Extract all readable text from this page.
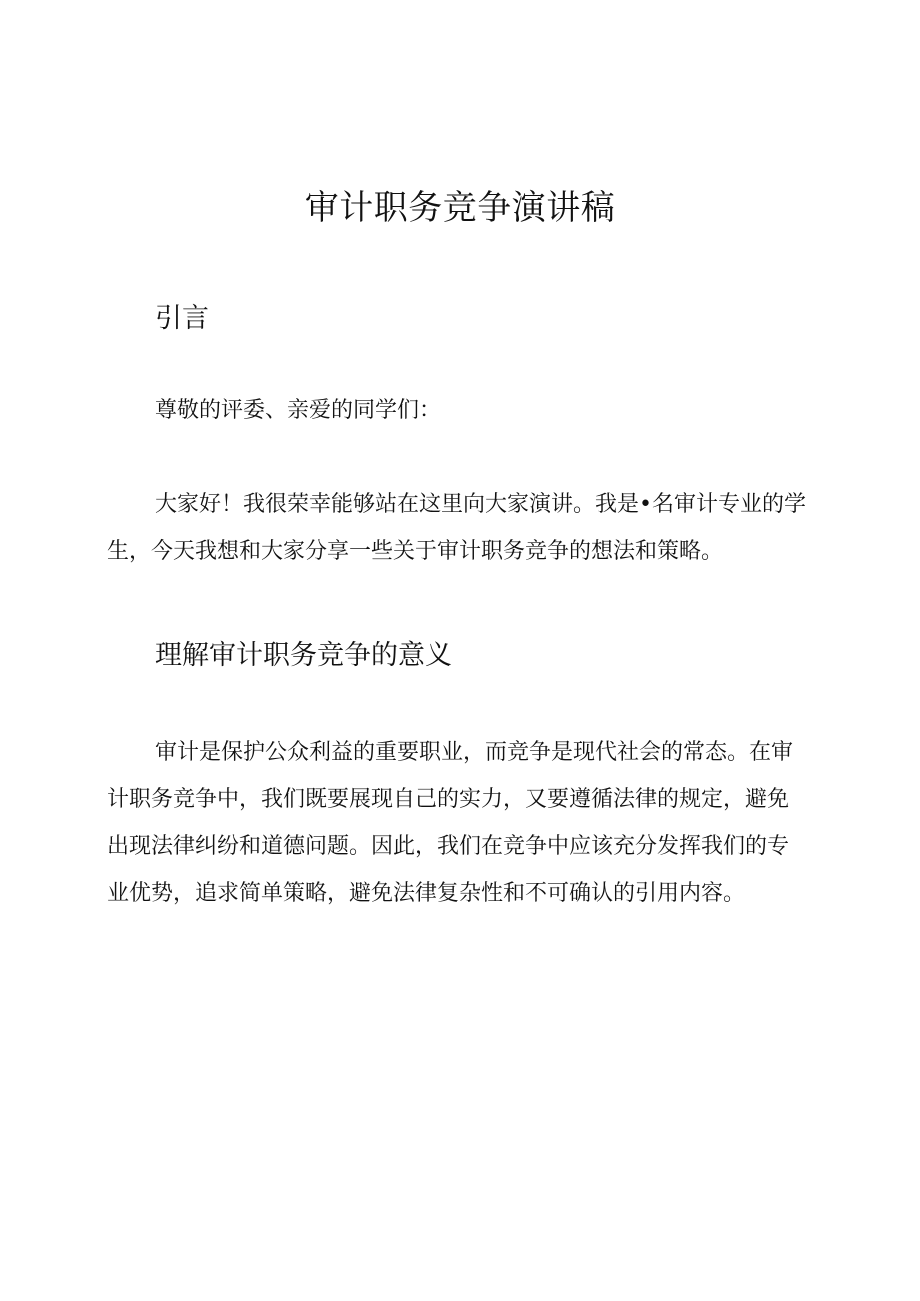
审计职务竞争演讲稿
引言

尊敬的评委、亲爱的同学们：

大家好！我很荣幸能够站在这里向大家演讲。我是•名审计专业的学生，今天我想和大家分享一些关于审计职务竞争的想法和策略。

理解审计职务竞争的意义

审计是保护公众利益的重要职业，而竞争是现代社会的常态。在审计职务竞争中，我们既要展现自己的实力，又要遵循法律的规定，避免出现法律纠纷和道德问题。因此，我们在竞争中应该充分发挥我们的专业优势，追求简单策略，避免法律复杂性和不可确认的引用内容。
